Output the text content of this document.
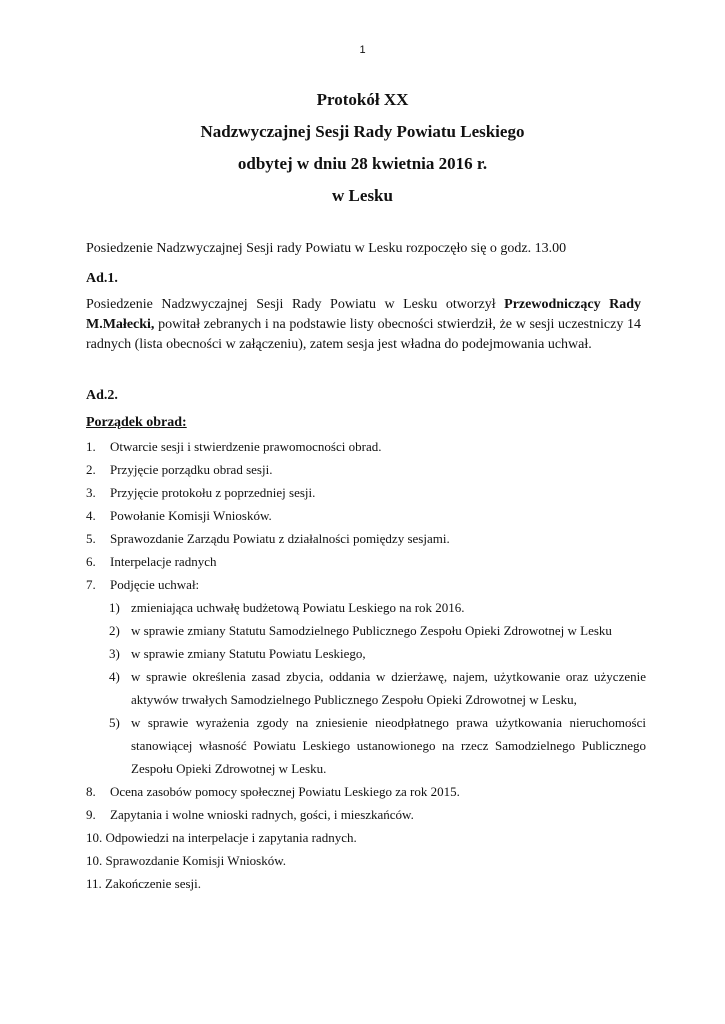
1
Protokół XX
Nadzwyczajnej Sesji Rady Powiatu Leskiego
odbytej w dniu 28 kwietnia 2016 r.
w Lesku
Posiedzenie Nadzwyczajnej Sesji rady Powiatu w Lesku rozpoczęło się o godz. 13.00
Ad.1.
Posiedzenie Nadzwyczajnej Sesji Rady Powiatu w Lesku otworzył Przewodniczący Rady M.Małecki, powitał zebranych i na podstawie listy obecności stwierdził, że w sesji uczestniczy 14 radnych (lista obecności w załączeniu), zatem sesja jest władna do podejmowania uchwał.
Ad.2.
Porządek obrad:
1.	Otwarcie sesji i stwierdzenie prawomocności obrad.
2.	Przyjęcie porządku obrad sesji.
3.	Przyjęcie protokołu z poprzedniej sesji.
4.	Powołanie Komisji Wniosków.
5.	Sprawozdanie Zarządu Powiatu z działalności pomiędzy sesjami.
6.	Interpelacje radnych
7.	Podjęcie uchwał:
1) zmieniająca uchwałę budżetową Powiatu Leskiego na rok 2016.
2) w sprawie zmiany Statutu Samodzielnego Publicznego Zespołu Opieki Zdrowotnej w Lesku
3) w sprawie zmiany Statutu Powiatu Leskiego,
4) w sprawie określenia zasad zbycia, oddania w dzierżawę, najem, użytkowanie oraz użyczenie aktywów trwałych Samodzielnego Publicznego Zespołu Opieki Zdrowotnej w Lesku,
5) w sprawie wyrażenia zgody na zniesienie nieodpłatnego prawa użytkowania nieruchomości stanowiącej własność Powiatu Leskiego ustanowionego na rzecz Samodzielnego Publicznego Zespołu Opieki Zdrowotnej w Lesku.
8.	Ocena zasobów pomocy społecznej Powiatu Leskiego za rok 2015.
9.	Zapytania i wolne wnioski radnych, gości, i mieszkańców.
10. Odpowiedzi na interpelacje i zapytania radnych.
10. Sprawozdanie Komisji Wniosków.
11. Zakończenie sesji.
